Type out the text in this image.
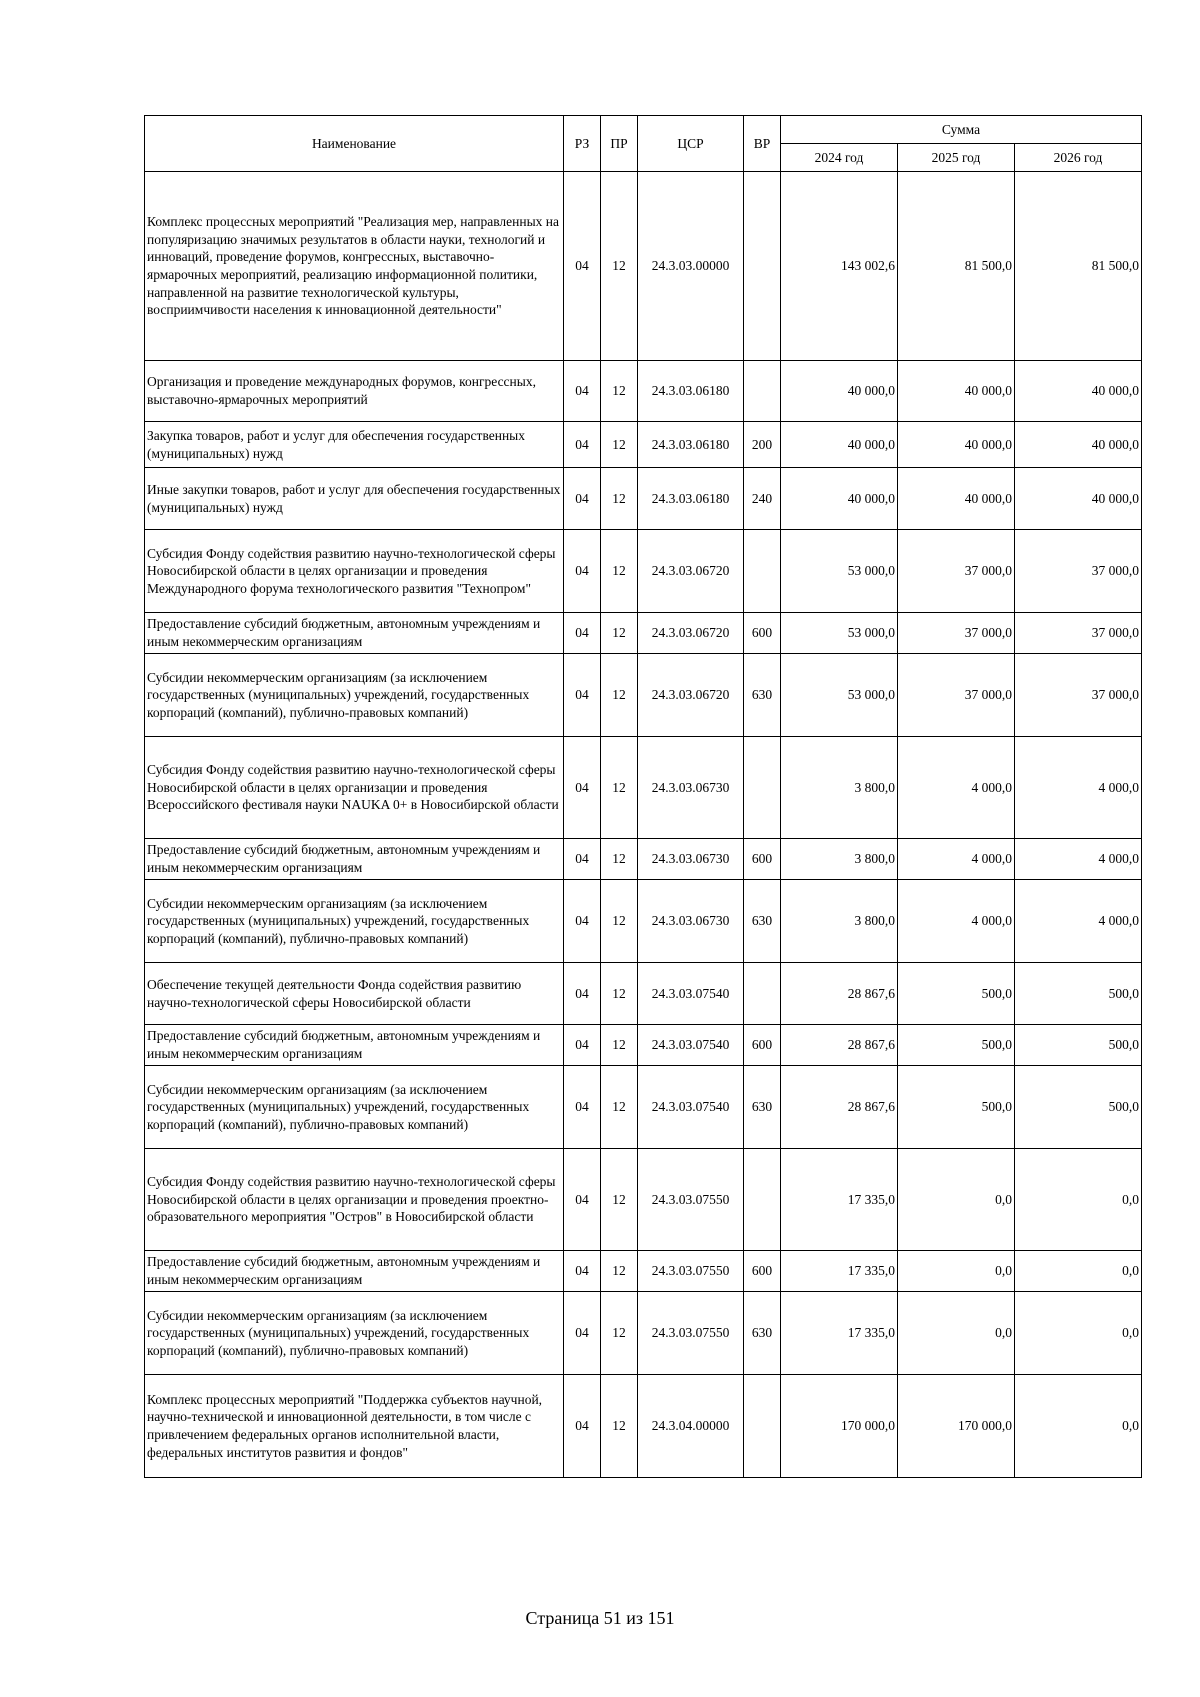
Наименование	РЗ	ПР	ЦСР	ВР	Сумма		
					2024 год	2025 год	2026 год
Комплекс процессных мероприятий "Реализация мер, направленных на популяризацию значимых результатов в области науки, технологий и инноваций, проведение форумов, конгрессных, выставочно- ярмарочных мероприятий, реализацию информационной политики, направленной на развитие технологической культуры, восприимчивости населения к инновационной деятельности"	04	12	24.3.03.00000		143 002,6	81 500,0	81 500,0
Организация и проведение международных форумов, конгрессных, выставочно-ярмарочных мероприятий	04	12	24.3.03.06180		40 000,0	40 000,0	40 000,0
Закупка товаров, работ и услуг для обеспечения государственных (муниципальных) нужд	04	12	24.3.03.06180	200	40 000,0	40 000,0	40 000,0
Иные закупки товаров, работ и услуг для обеспечения государственных (муниципальных) нужд	04	12	24.3.03.06180	240	40 000,0	40 000,0	40 000,0
Субсидия Фонду содействия развитию научно-технологической сферы Новосибирской области в целях организации и проведения Международного форума технологического развития "Технопром"	04	12	24.3.03.06720		53 000,0	37 000,0	37 000,0
Предоставление субсидий бюджетным, автономным учреждениям и иным некоммерческим организациям	04	12	24.3.03.06720	600	53 000,0	37 000,0	37 000,0
Субсидии некоммерческим организациям (за исключением государственных (муниципальных) учреждений, государственных корпораций (компаний), публично-правовых компаний)	04	12	24.3.03.06720	630	53 000,0	37 000,0	37 000,0
Субсидия Фонду содействия развитию научно-технологической сферы Новосибирской области в целях организации и проведения Всероссийского фестиваля науки NAUKA 0+ в Новосибирской области	04	12	24.3.03.06730		3 800,0	4 000,0	4 000,0
Предоставление субсидий бюджетным, автономным учреждениям и иным некоммерческим организациям	04	12	24.3.03.06730	600	3 800,0	4 000,0	4 000,0
Субсидии некоммерческим организациям (за исключением государственных (муниципальных) учреждений, государственных корпораций (компаний), публично-правовых компаний)	04	12	24.3.03.06730	630	3 800,0	4 000,0	4 000,0
Обеспечение текущей деятельности Фонда содействия развитию научно-технологической сферы Новосибирской области	04	12	24.3.03.07540		28 867,6	500,0	500,0
Предоставление субсидий бюджетным, автономным учреждениям и иным некоммерческим организациям	04	12	24.3.03.07540	600	28 867,6	500,0	500,0
Субсидии некоммерческим организациям (за исключением государственных (муниципальных) учреждений, государственных корпораций (компаний), публично-правовых компаний)	04	12	24.3.03.07540	630	28 867,6	500,0	500,0
Субсидия Фонду содействия развитию научно-технологической сферы Новосибирской области в целях организации и проведения проектно-образовательного мероприятия "Остров" в Новосибирской области	04	12	24.3.03.07550		17 335,0	0,0	0,0
Предоставление субсидий бюджетным, автономным учреждениям и иным некоммерческим организациям	04	12	24.3.03.07550	600	17 335,0	0,0	0,0
Субсидии некоммерческим организациям (за исключением государственных (муниципальных) учреждений, государственных корпораций (компаний), публично-правовых компаний)	04	12	24.3.03.07550	630	17 335,0	0,0	0,0
Комплекс процессных мероприятий "Поддержка субъектов научной, научно-технической и инновационной деятельности, в том числе с привлечением федеральных органов исполнительной власти, федеральных институтов развития и фондов"	04	12	24.3.04.00000		170 000,0	170 000,0	0,0
Страница 51 из 151
